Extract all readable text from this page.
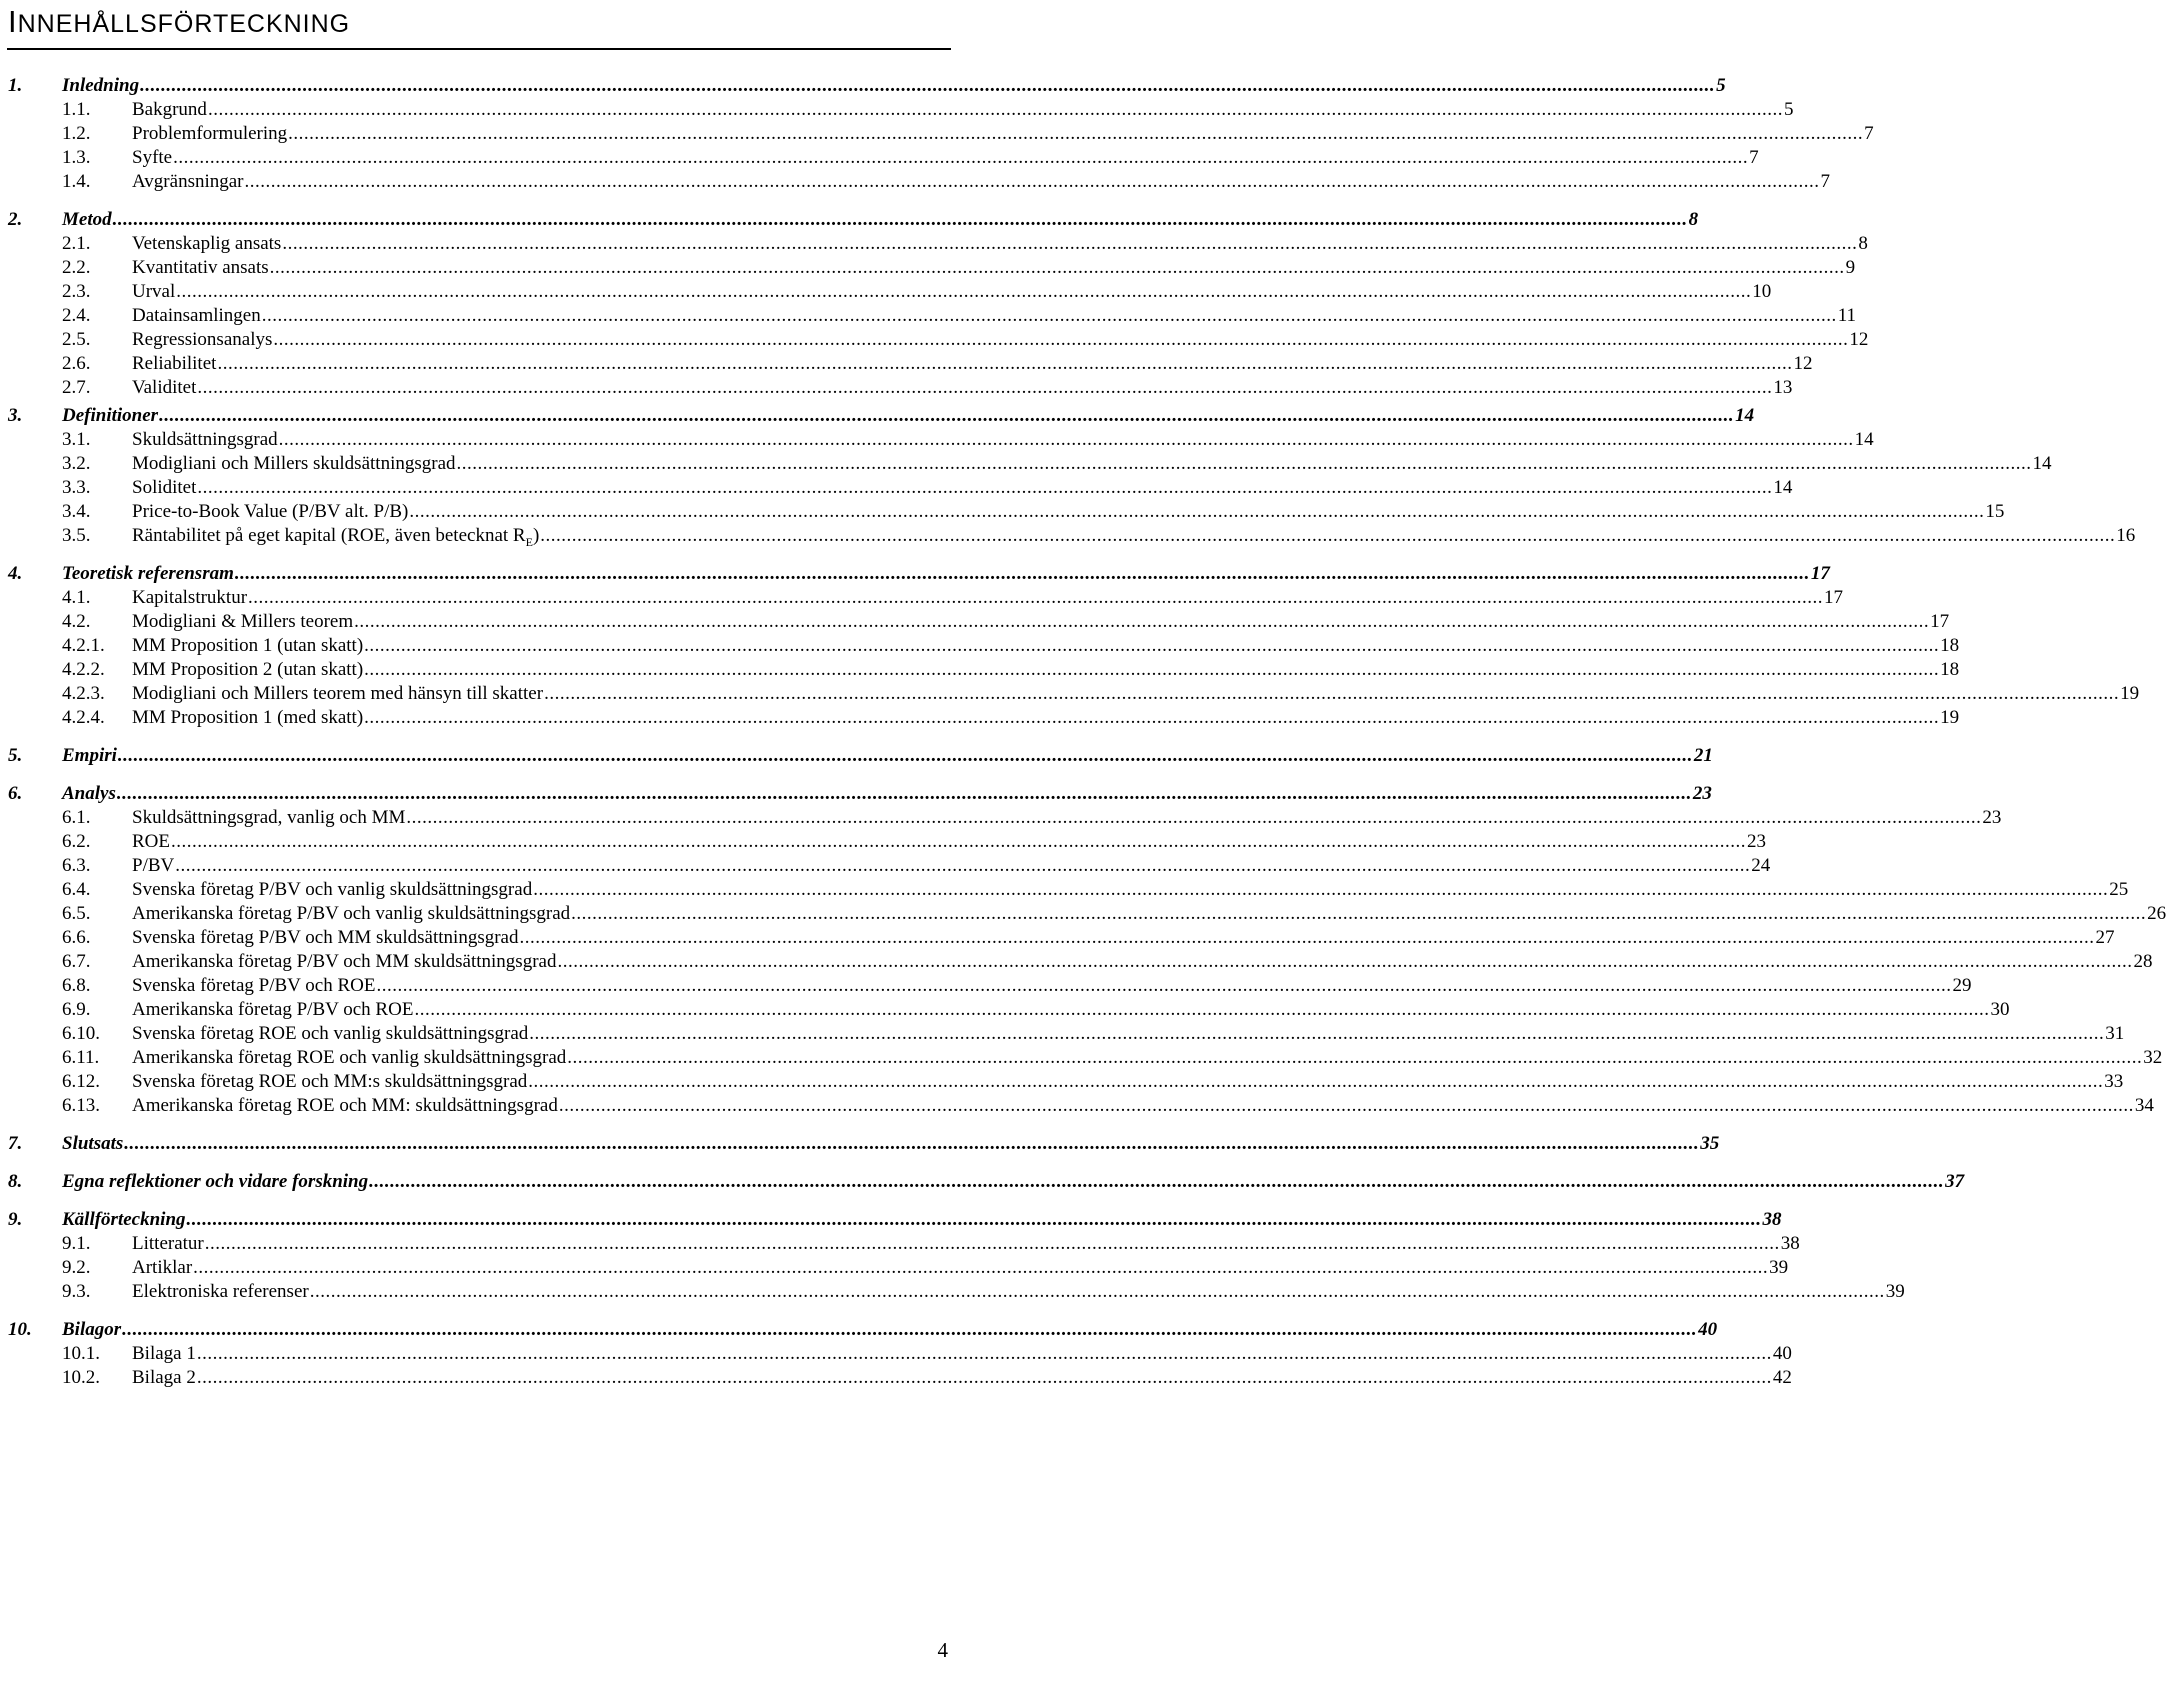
INNEHÅLLSFÖRTECKNING
1. Inledning ............................................................................................................................................................................................................................................................................................................ 5
1.1. Bakgrund ............................................................................................................................................................................................................................................................................................................ 5
1.2. Problemformulering ............................................................................................................................................................................................................................................................................................................ 7
1.3. Syfte ............................................................................................................................................................................................................................................................................................................ 7
1.4. Avgränsningar ............................................................................................................................................................................................................................................................................................................ 7
2. Metod ............................................................................................................................................................................................................................................................................................................ 8
2.1. Vetenskaplig ansats ............................................................................................................................................................................................................................................................................................................ 8
2.2. Kvantitativ ansats ............................................................................................................................................................................................................................................................................................................ 9
2.3. Urval ............................................................................................................................................................................................................................................................................................................ 10
2.4. Datainsamlingen ............................................................................................................................................................................................................................................................................................................ 11
2.5. Regressionsanalys ............................................................................................................................................................................................................................................................................................................ 12
2.6. Reliabilitet ............................................................................................................................................................................................................................................................................................................ 12
2.7. Validitet ............................................................................................................................................................................................................................................................................................................ 13
3. Definitioner ............................................................................................................................................................................................................................................................................................................ 14
3.1. Skuldsättningsgrad ............................................................................................................................................................................................................................................................................................................ 14
3.2. Modigliani och Millers skuldsättningsgrad ............................................................................................................................................................................................................................................................................................................ 14
3.3. Soliditet ............................................................................................................................................................................................................................................................................................................ 14
3.4. Price-to-Book Value (P/BV alt. P/B) ............................................................................................................................................................................................................................................................................................................ 15
3.5. Räntabilitet på eget kapital (ROE, även betecknat $R_E$) ............................................................................................................................................................................................................................................................................................................ 16
4. Teoretisk referensram ............................................................................................................................................................................................................................................................................................................ 17
4.1. Kapitalstruktur ............................................................................................................................................................................................................................................................................................................ 17
4.2. Modigliani & Millers teorem ............................................................................................................................................................................................................................................................................................................ 17
4.2.1. MM Proposition 1 (utan skatt) ............................................................................................................................................................................................................................................................................................................ 18
4.2.2. MM Proposition 2 (utan skatt) ............................................................................................................................................................................................................................................................................................................ 18
4.2.3. Modigliani och Millers teorem med hänsyn till skatter ............................................................................................................................................................................................................................................................................................................ 19
4.2.4. MM Proposition 1 (med skatt) ............................................................................................................................................................................................................................................................................................................ 19
5. Empiri ............................................................................................................................................................................................................................................................................................................ 21
6. Analys ............................................................................................................................................................................................................................................................................................................ 23
6.1. Skuldsättningsgrad, vanlig och MM ............................................................................................................................................................................................................................................................................................................ 23
6.2. ROE ............................................................................................................................................................................................................................................................................................................ 23
6.3. P/BV ............................................................................................................................................................................................................................................................................................................ 24
6.4. Svenska företag P/BV och vanlig skuldsättningsgrad ............................................................................................................................................................................................................................................................................................................ 25
6.5. Amerikanska företag P/BV och vanlig skuldsättningsgrad ............................................................................................................................................................................................................................................................................................................ 26
6.6. Svenska företag P/BV och MM skuldsättningsgrad ............................................................................................................................................................................................................................................................................................................ 27
6.7. Amerikanska företag P/BV och MM skuldsättningsgrad ............................................................................................................................................................................................................................................................................................................ 28
6.8. Svenska företag P/BV och ROE ............................................................................................................................................................................................................................................................................................................ 29
6.9. Amerikanska företag P/BV och ROE ............................................................................................................................................................................................................................................................................................................ 30
6.10. Svenska företag ROE och vanlig skuldsättningsgrad ............................................................................................................................................................................................................................................................................................................ 31
6.11. Amerikanska företag ROE och vanlig skuldsättningsgrad ............................................................................................................................................................................................................................................................................................................ 32
6.12. Svenska företag ROE och MM:s skuldsättningsgrad ............................................................................................................................................................................................................................................................................................................ 33
6.13. Amerikanska företag ROE och MM: skuldsättningsgrad ............................................................................................................................................................................................................................................................................................................ 34
7. Slutsats ............................................................................................................................................................................................................................................................................................................ 35
8. Egna reflektioner och vidare forskning ............................................................................................................................................................................................................................................................................................................ 37
9. Källförteckning ............................................................................................................................................................................................................................................................................................................ 38
9.1. Litteratur ............................................................................................................................................................................................................................................................................................................ 38
9.2. Artiklar ............................................................................................................................................................................................................................................................................................................ 39
9.3. Elektroniska referenser ............................................................................................................................................................................................................................................................................................................ 39
10. Bilagor ............................................................................................................................................................................................................................................................................................................ 40
10.1. Bilaga 1 ............................................................................................................................................................................................................................................................................................................ 40
10.2. Bilaga 2 ............................................................................................................................................................................................................................................................................................................ 42
4
